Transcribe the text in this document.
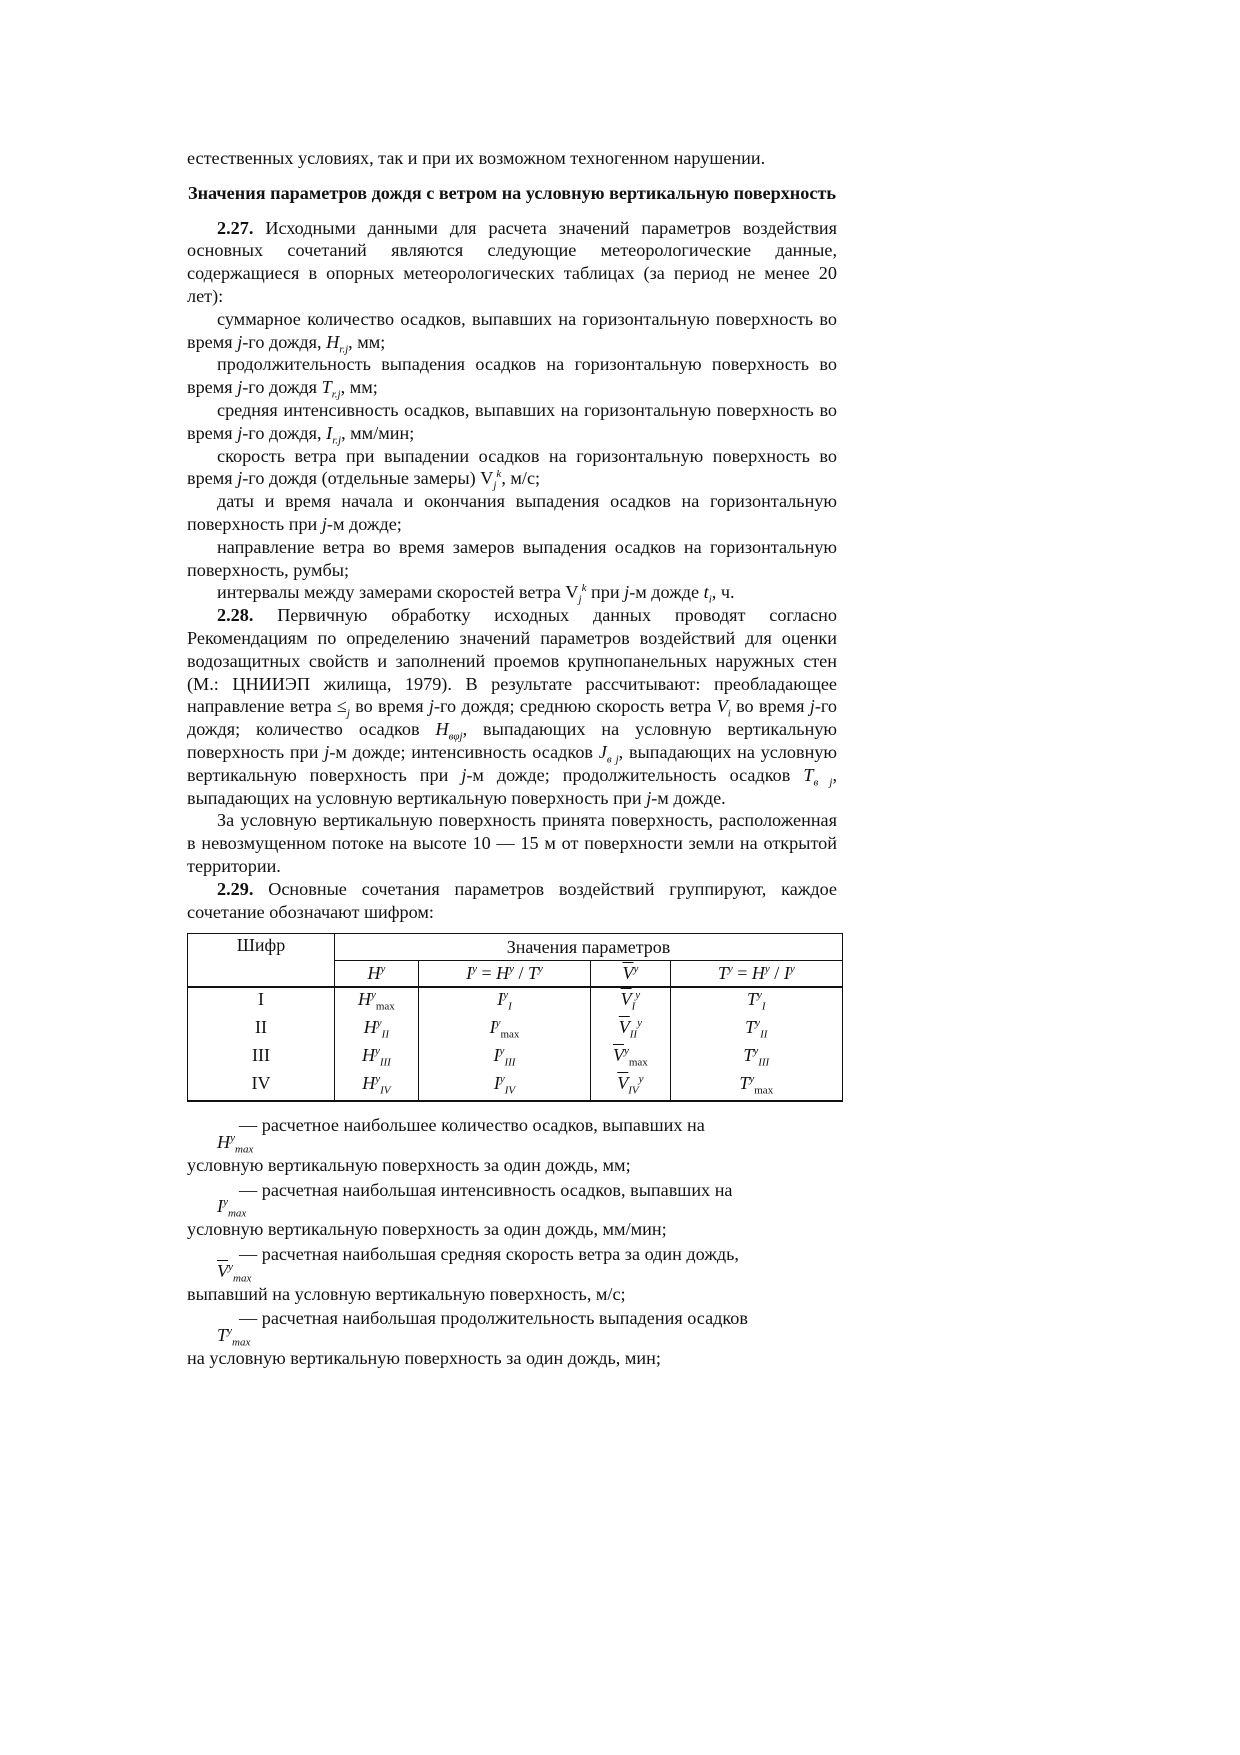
естественных условиях, так и при их возможном техногенном нарушении.

Значения параметров дождя с ветром на условную вертикальную поверхность

2.27. Исходными данными для расчета значений параметров воздействия основных сочетаний являются следующие метеорологические данные, содержащиеся в опорных метеорологических таблицах (за период не менее 20 лет):

суммарное количество осадков, выпавших на горизонтальную поверхность во время j-го дождя, $H_{r.j}$, мм;

продолжительность выпадения осадков на горизонтальную поверхность во время j-го дождя $T_{r.j}$, мм;

средняя интенсивность осадков, выпавших на горизонтальную поверхность во время j-го дождя, $I_{r.j}$, мм/мин;

скорость ветра при выпадении осадков на горизонтальную поверхность во время j-го дождя (отдельные замеры) $V_j^k$, м/с;

даты и время начала и окончания выпадения осадков на горизонтальную поверхность при j-м дожде;

направление ветра во время замеров выпадения осадков на горизонтальную поверхность, румбы;

интервалы между замерами скоростей ветра $V_j^k$ при j-м дожде $t_i$, ч.

2.28. Первичную обработку исходных данных проводят согласно Рекомендациям по определению значений параметров воздействий для оценки водозащитных свойств и заполнений проемов крупнопанельных наружных стен (М.: ЦНИИЭП жилища, 1979). В результате рассчитывают: преобладающее направление ветра $\le_j$ во время j-го дождя; среднюю скорость ветра $V_i$ во время j-го дождя; количество осадков $H_{в\varphi j}$, выпадающих на условную вертикальную поверхность при j-м дожде; интенсивность осадков $J_{в j}$, выпадающих на условную вертикальную поверхность при j-м дожде; продолжительность осадков $T_{в j}$, выпадающих на условную вертикальную поверхность при j-м дожде.

За условную вертикальную поверхность принята поверхность, расположенная в невозмущенном потоке на высоте 10 — 15 м от поверхности земли на открытой территории.

2.29. Основные сочетания параметров воздействий группируют, каждое сочетание обозначают шифром:

Шифр	Значения параметров			
	$H^y$	$I^y = H^y / T^y$	$\overline{V}^y$	$T^y = H^y / I^y$
I	$H^y_{max}$	$I^y_I$	$\overline{V}_I^y$	$T^y_I$
II	$H^y_{II}$	$I^y_{max}$	$\overline{V}_{II}^y$	$T^y_{II}$
III	$H^y_{III}$	$I^y_{III}$	$\overline{V}^y_{max}$	$T^y_{III}$
IV	$H^y_{IV}$	$I^y_{IV}$	$\overline{V}_{IV}^y$	$T^y_{max}$

— расчетное наибольшее количество осадков, выпавших на

$H^y_{max}$

условную вертикальную поверхность за один дождь, мм;

— расчетная наибольшая интенсивность осадков, выпавших на

$I^y_{max}$

условную вертикальную поверхность за один дождь, мм/мин;

— расчетная наибольшая средняя скорость ветра за один дождь,

$\overline{V}^y_{max}$

выпавший на условную вертикальную поверхность, м/с;

— расчетная наибольшая продолжительность выпадения осадков

$T^y_{max}$

на условную вертикальную поверхность за один дождь, мин;
